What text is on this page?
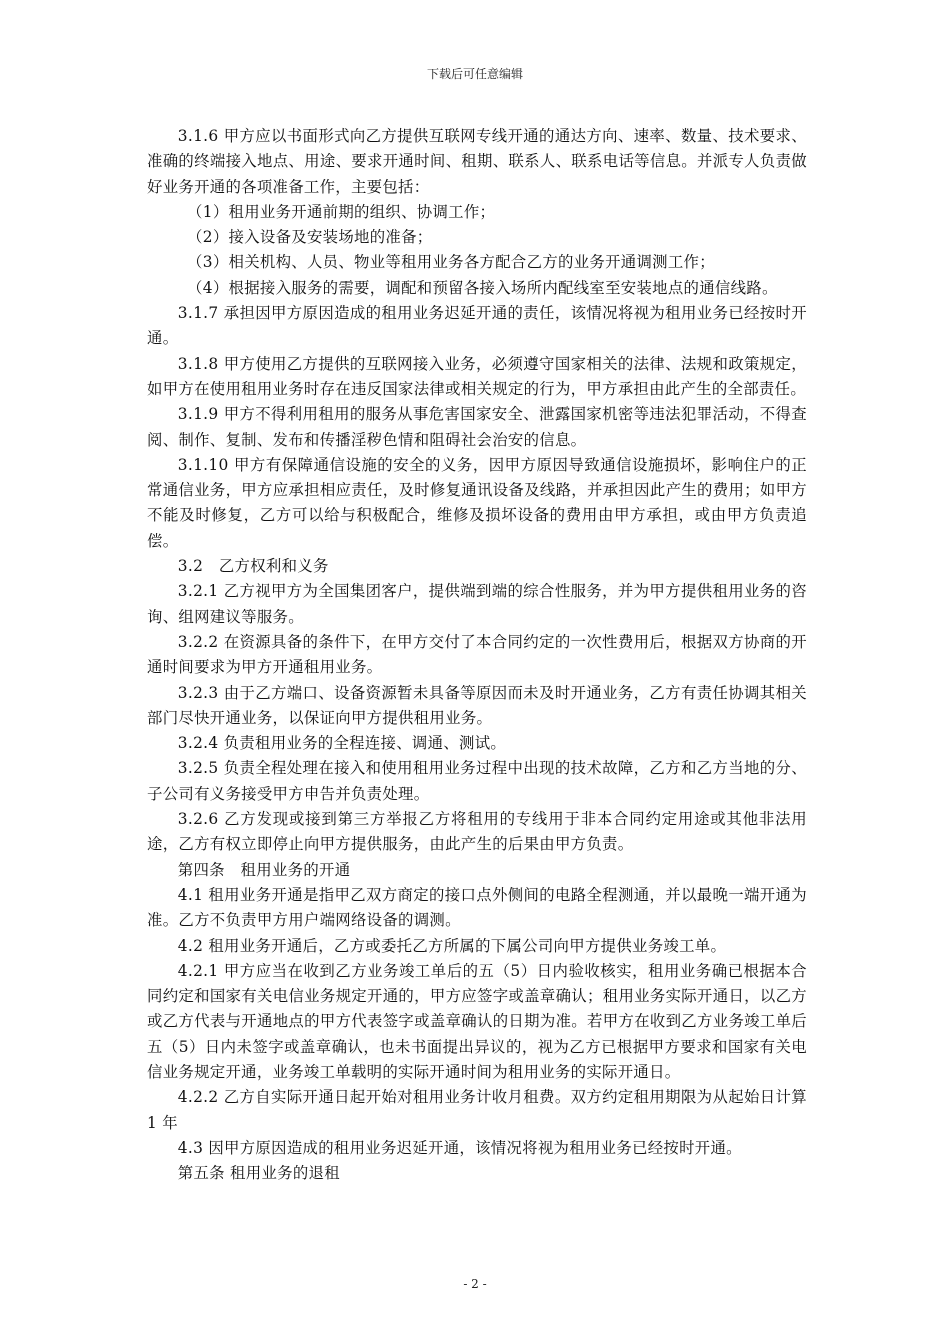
下载后可任意编辑

3.1.6 甲方应以书面形式向乙方提供互联网专线开通的通达方向、速率、数量、技术要求、准确的终端接入地点、用途、要求开通时间、租期、联系人、联系电话等信息。并派专人负责做好业务开通的各项准备工作，主要包括：

（1）租用业务开通前期的组织、协调工作；

（2）接入设备及安装场地的准备；

（3）相关机构、人员、物业等租用业务各方配合乙方的业务开通调测工作；

（4）根据接入服务的需要，调配和预留各接入场所内配线室至安装地点的通信线路。

3.1.7 承担因甲方原因造成的租用业务迟延开通的责任，该情况将视为租用业务已经按时开通。

3.1.8 甲方使用乙方提供的互联网接入业务，必须遵守国家相关的法律、法规和政策规定，如甲方在使用租用业务时存在违反国家法律或相关规定的行为，甲方承担由此产生的全部责任。

3.1.9 甲方不得利用租用的服务从事危害国家安全、泄露国家机密等违法犯罪活动，不得查阅、制作、复制、发布和传播淫秽色情和阻碍社会治安的信息。

3.1.10 甲方有保障通信设施的安全的义务，因甲方原因导致通信设施损坏，影响住户的正常通信业务，甲方应承担相应责任，及时修复通讯设备及线路，并承担因此产生的费用；如甲方不能及时修复，乙方可以给与积极配合，维修及损坏设备的费用由甲方承担，或由甲方负责追偿。

3.2　乙方权利和义务

3.2.1 乙方视甲方为全国集团客户，提供端到端的综合性服务，并为甲方提供租用业务的咨询、组网建议等服务。

3.2.2 在资源具备的条件下，在甲方交付了本合同约定的一次性费用后，根据双方协商的开通时间要求为甲方开通租用业务。

3.2.3 由于乙方端口、设备资源暂未具备等原因而未及时开通业务，乙方有责任协调其相关部门尽快开通业务，以保证向甲方提供租用业务。

3.2.4 负责租用业务的全程连接、调通、测试。

3.2.5 负责全程处理在接入和使用租用业务过程中出现的技术故障，乙方和乙方当地的分、子公司有义务接受甲方申告并负责处理。

3.2.6 乙方发现或接到第三方举报乙方将租用的专线用于非本合同约定用途或其他非法用途，乙方有权立即停止向甲方提供服务，由此产生的后果由甲方负责。

第四条　租用业务的开通

4.1 租用业务开通是指甲乙双方商定的接口点外侧间的电路全程测通，并以最晚一端开通为准。乙方不负责甲方用户端网络设备的调测。

4.2 租用业务开通后，乙方或委托乙方所属的下属公司向甲方提供业务竣工单。

4.2.1 甲方应当在收到乙方业务竣工单后的五（5）日内验收核实，租用业务确已根据本合同约定和国家有关电信业务规定开通的，甲方应签字或盖章确认；租用业务实际开通日，以乙方或乙方代表与开通地点的甲方代表签字或盖章确认的日期为准。若甲方在收到乙方业务竣工单后五（5）日内未签字或盖章确认，也未书面提出异议的，视为乙方已根据甲方要求和国家有关电信业务规定开通，业务竣工单载明的实际开通时间为租用业务的实际开通日。

4.2.2 乙方自实际开通日起开始对租用业务计收月租费。双方约定租用期限为从起始日计算 1 年

4.3 因甲方原因造成的租用业务迟延开通，该情况将视为租用业务已经按时开通。

第五条 租用业务的退租

- 2 -
